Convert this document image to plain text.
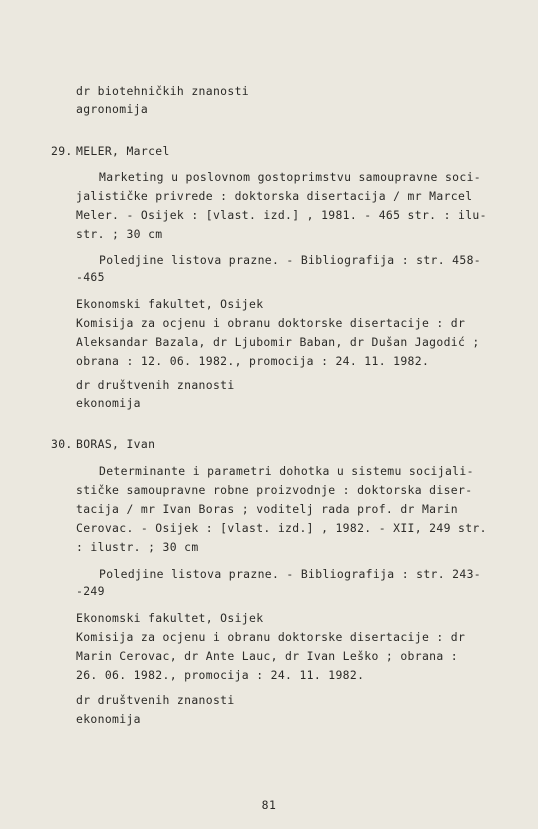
dr biotehničkih znanosti
agronomija
29. MELER, Marcel
Marketing u poslovnom gostoprimstvu samoupravne soci-
jalističke privrede : doktorska disertacija / mr Marcel
Meler. - Osijek : [vlast. izd.] , 1981. - 465 str. : ilu-
str. ; 30 cm
Poledjine listova prazne. - Bibliografija : str. 458-
-465
Ekonomski fakultet, Osijek
Komisija za ocjenu i obranu doktorske disertacije : dr
Aleksandar Bazala, dr Ljubomir Baban, dr Dušan Jagodić ;
obrana : 12. 06. 1982., promocija : 24. 11. 1982.
dr društvenih znanosti
ekonomija
30. BORAS, Ivan
Determinante i parametri dohotka u sistemu socijali-
stičke samoupravne robne proizvodnje : doktorska diser-
tacija / mr Ivan Boras ; voditelj rada prof. dr Marin
Cerovac. - Osijek : [vlast. izd.] , 1982. - XII, 249 str.
: ilustr. ; 30 cm
Poledjine listova prazne. - Bibliografija : str. 243-
-249
Ekonomski fakultet, Osijek
Komisija za ocjenu i obranu doktorske disertacije : dr
Marin Cerovac, dr Ante Lauc, dr Ivan Leško ; obrana :
26. 06. 1982., promocija : 24. 11. 1982.
dr društvenih znanosti
ekonomija
81
